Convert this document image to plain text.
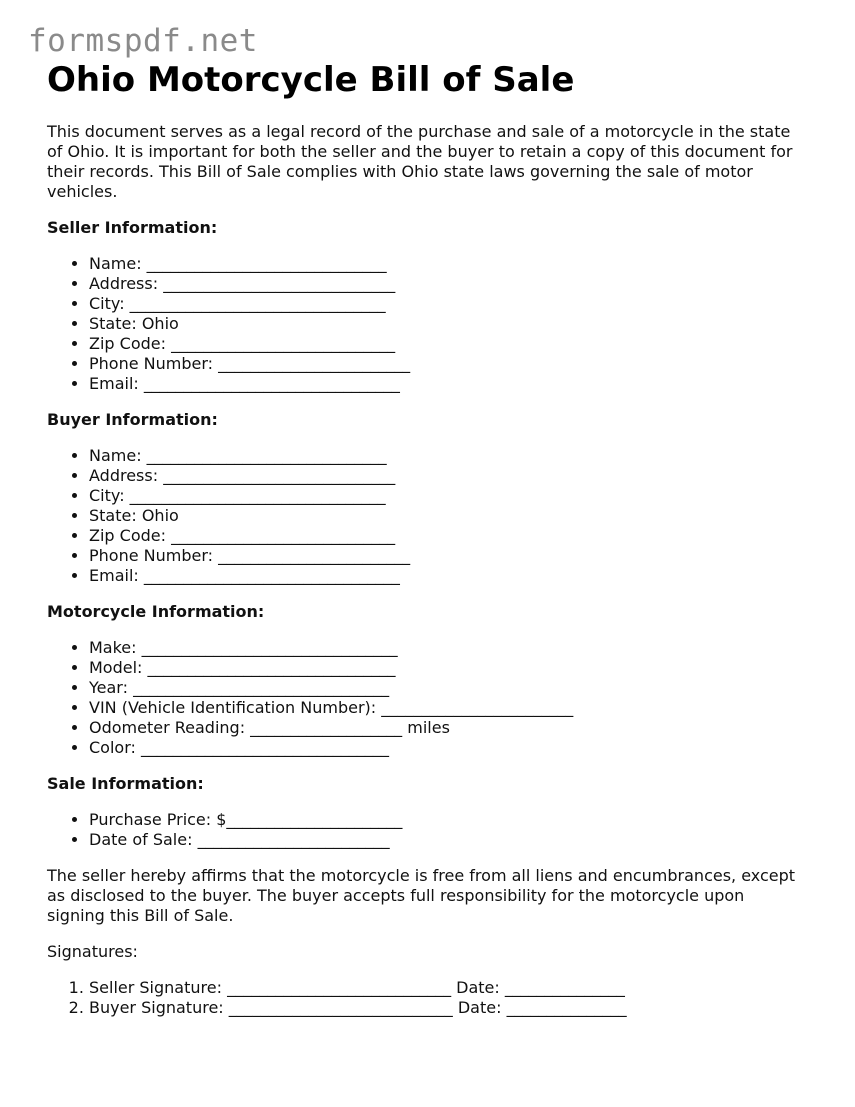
formspdf.net
Ohio Motorcycle Bill of Sale

This document serves as a legal record of the purchase and sale of a motorcycle in the state of Ohio. It is important for both the seller and the buyer to retain a copy of this document for their records. This Bill of Sale complies with Ohio state laws governing the sale of motor vehicles.

Seller Information:
• Name: ______________________________
• Address: _____________________________
• City: ________________________________
• State: Ohio
• Zip Code: ____________________________
• Phone Number: ________________________
• Email: ________________________________
Buyer Information:
• Name: ______________________________
• Address: _____________________________
• City: ________________________________
• State: Ohio
• Zip Code: ____________________________
• Phone Number: ________________________
• Email: ________________________________
Motorcycle Information:
• Make: ________________________________
• Model: _______________________________
• Year: ________________________________
• VIN (Vehicle Identification Number): ________________________
• Odometer Reading: ___________________ miles
• Color: _______________________________
Sale Information:
• Purchase Price: $______________________
• Date of Sale: ________________________

The seller hereby affirms that the motorcycle is free from all liens and encumbrances, except as disclosed to the buyer. The buyer accepts full responsibility for the motorcycle upon signing this Bill of Sale.

Signatures:

1. Seller Signature: ____________________________ Date: _______________
2. Buyer Signature: ____________________________ Date: _______________
